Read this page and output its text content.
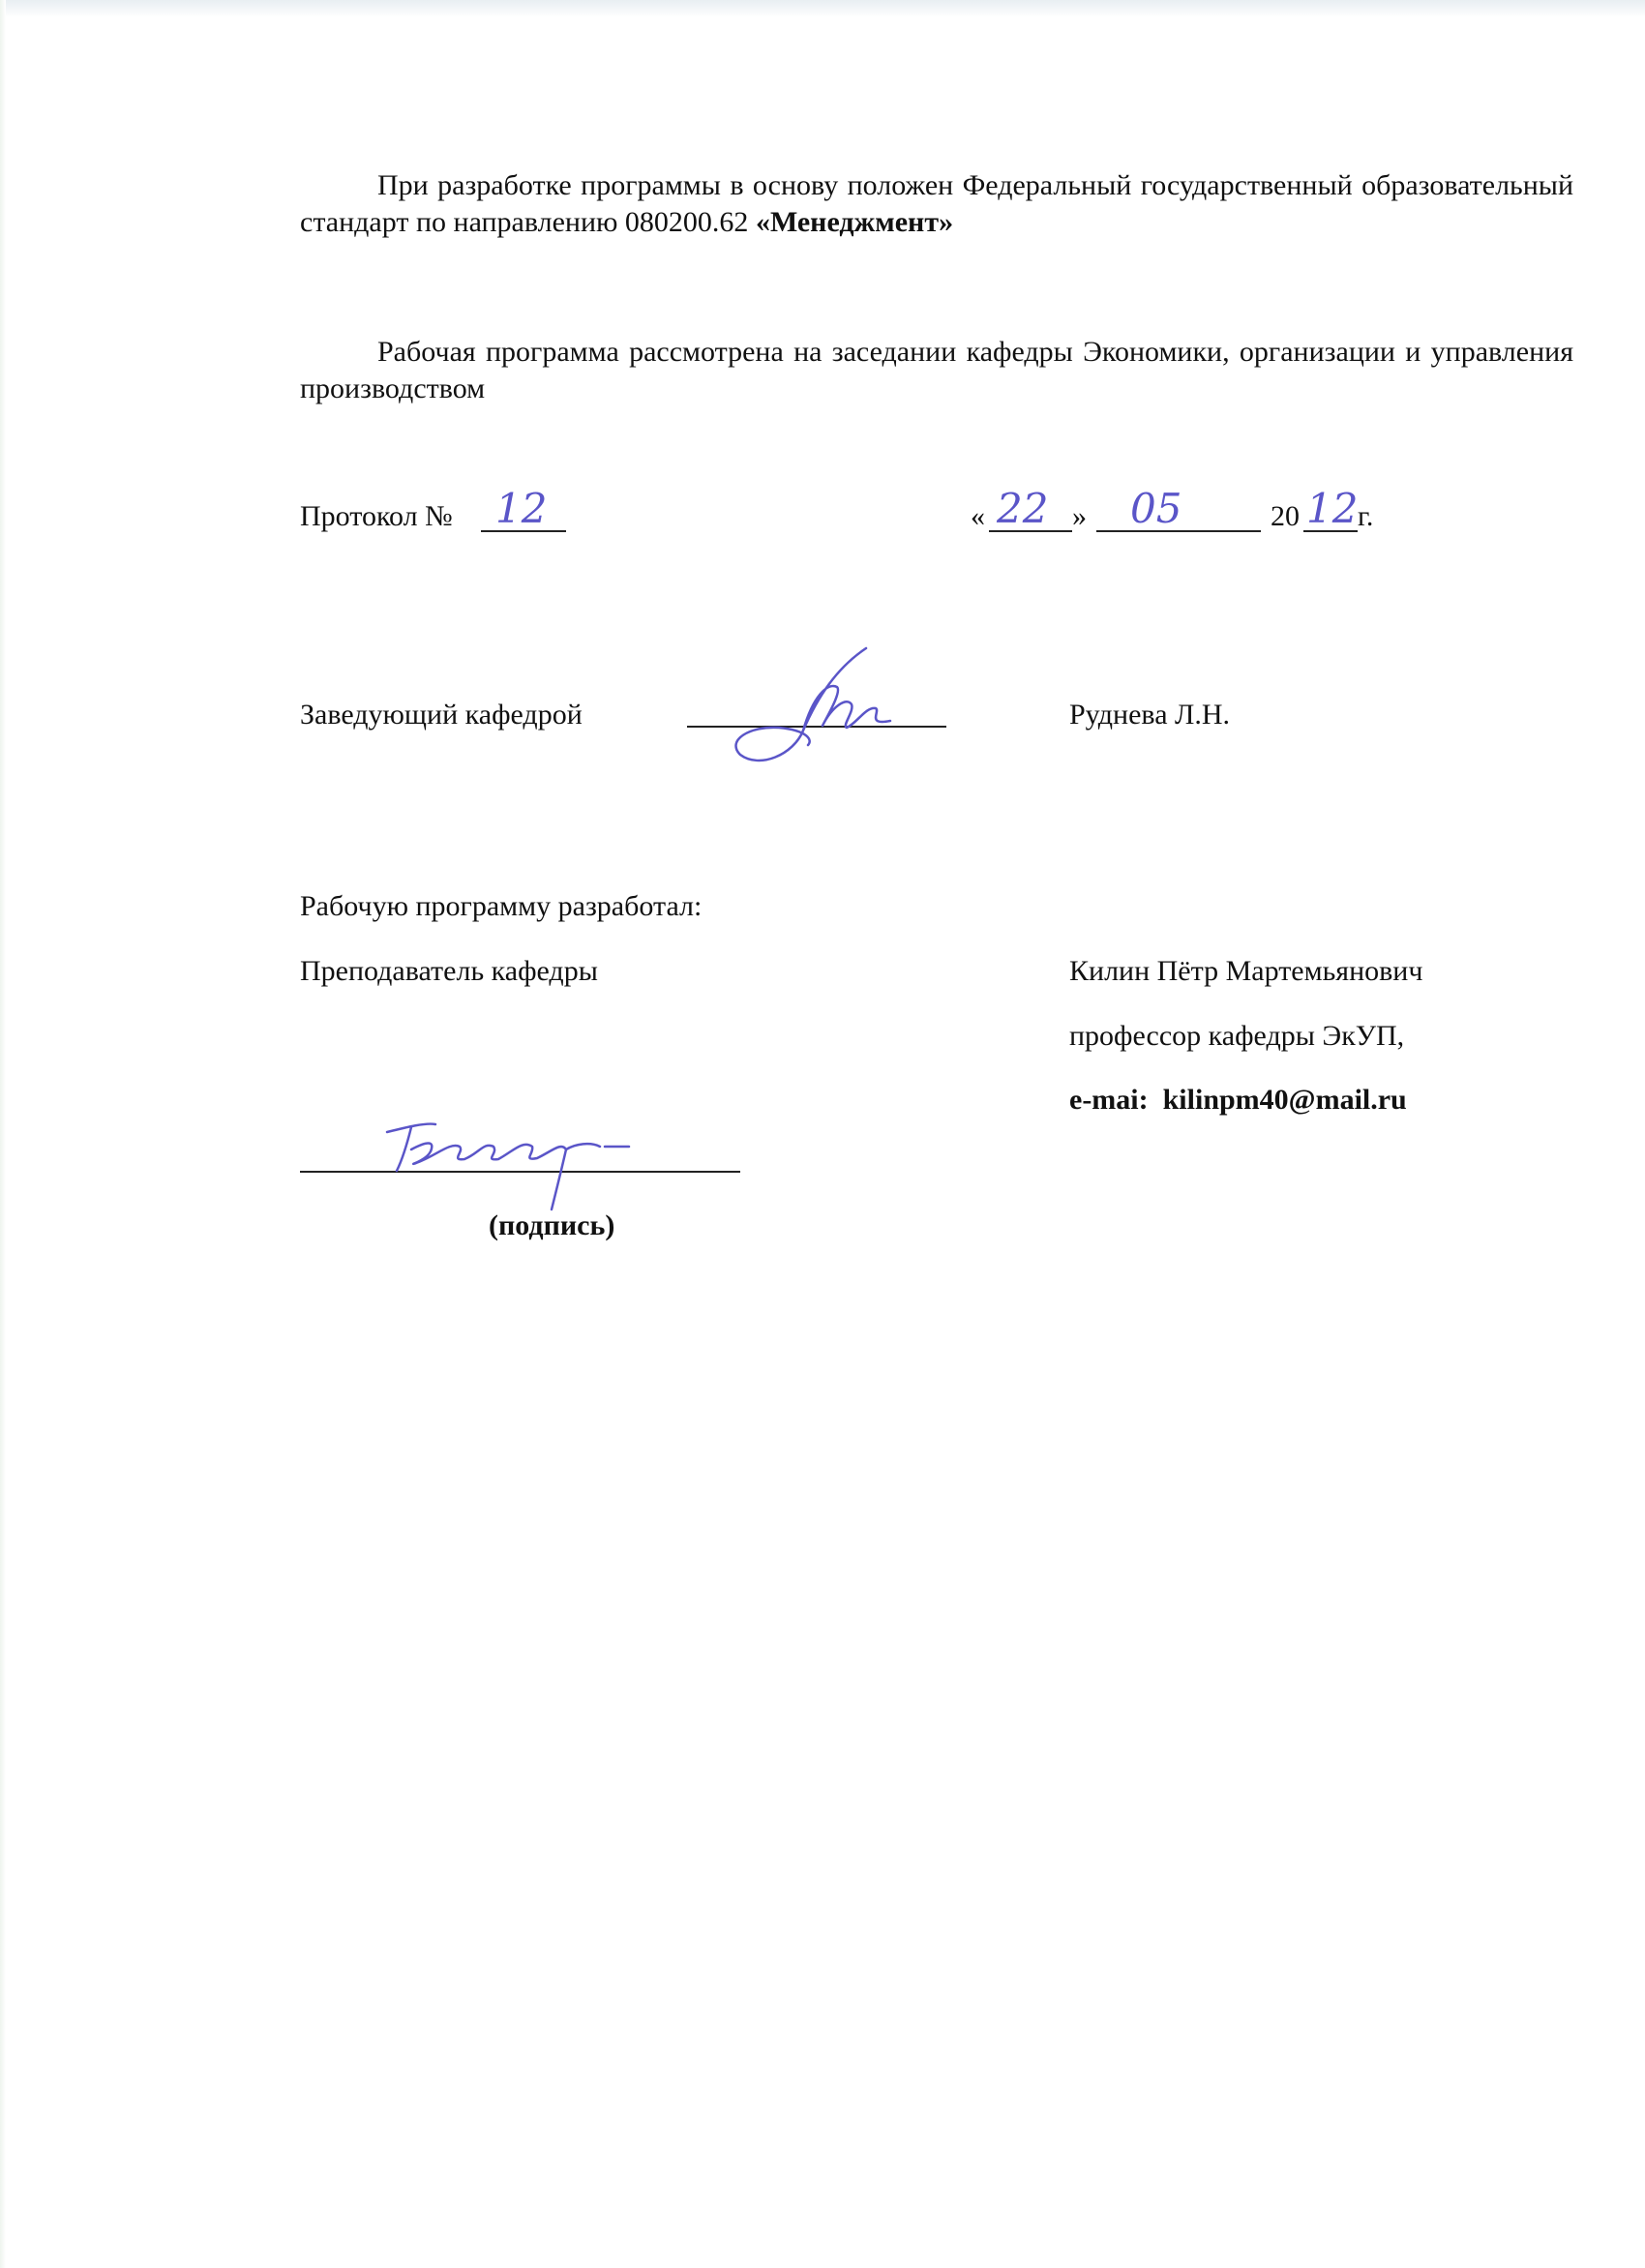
При разработке программы в основу положен Федеральный государственный образовательный стандарт по направлению 080200.62 «Менеджмент»

Рабочая программа рассмотрена на заседании кафедры Экономики, организации и управления производством

Протокол № 12	« 22 » 05	20 12 г.
Заведующий кафедрой	Руднева Л.Н.
Рабочую программу разработал:
Преподаватель кафедры	Килин Пётр Мартемьянович
профессор кафедры ЭкУП,
e-mai: kilinpm40@mail.ru
(подпись)
